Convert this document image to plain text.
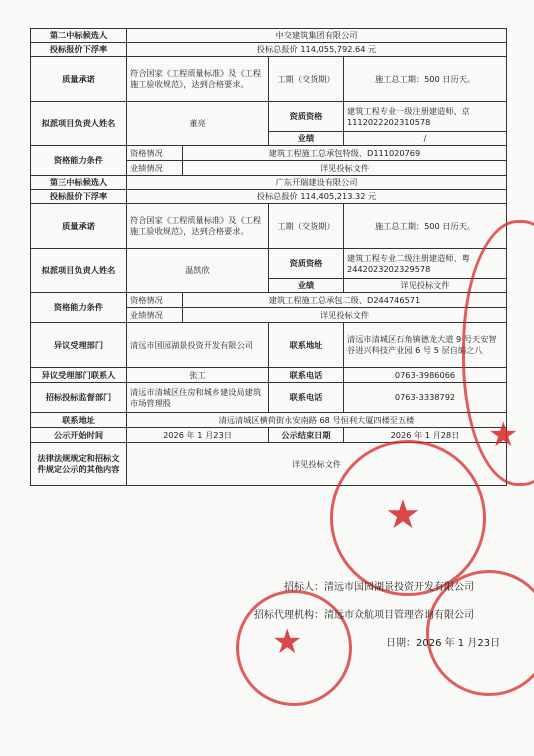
第二中标候选人	中交建筑集团有限公司			
投标报价下浮率	投标总报价 114,055,792.64 元			
质量承诺	符合国家《工程质量标准》及《工程施工验收规范》，达到合格要求。		工期（交货期）	施工总工期：500 日历天。
拟派项目负责人姓名	董亮		资质资格	建筑工程专业一级注册建造师、京 1112022202310578
			业绩	/
资格能力条件	资格情况	建筑工程施工总承包特级、D111020769		
	业绩情况	详见投标文件		
第三中标候选人	广东开瑞建设有限公司			
投标报价下浮率	投标总报价 114,405,213.32 元			
质量承诺	符合国家《工程质量标准》及《工程施工验收规范》，达到合格要求。		工期（交货期）	施工总工期：500 日历天。
拟派项目负责人姓名	温凯欣		资质资格	建筑工程专业二级注册建造师、粤 2442023202329578
			业绩	详见投标文件
资格能力条件	资格情况	建筑工程施工总承包二级、D244746571		
	业绩情况	详见投标文件		
异议受理部门	清远市国园湖景投资开发有限公司		联系地址	清远市清城区石角镇德龙大道 9 号天安智谷进兴科技产业园 6 号 5 层自编之八
异议受理部门联系人	张工		联系电话	0763-3986066
招标投标监督部门	清远市清城区住房和城乡建设局建筑市场管理股		联系电话	0763-3338792
联系地址	清远清城区横荷街永安南路 68 号恒利大厦四楼至五楼			
公示开始时间	2026 年 1 月23日		公示结束日期	2026 年 1 月28日
法律法规规定和招标文件规定公示的其他内容	详见投标文件			
★
★
★
招标人：清远市国园湖景投资开发有限公司
招标代理机构：清远市众航项目管理咨询有限公司
日期：2026 年 1 月23日
